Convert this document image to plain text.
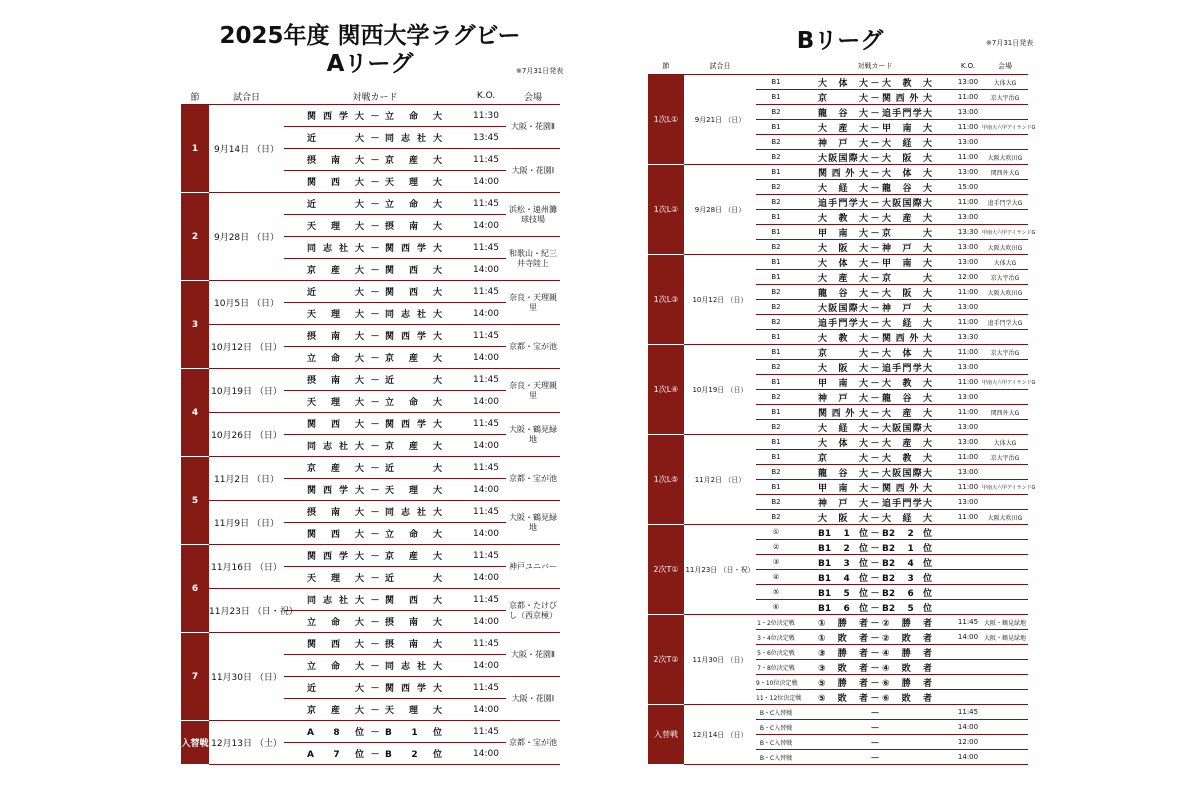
2025年度 関西大学ラグビー
Aリーグ	※7月31日発表
Bリーグ	※7月31日発表
節	試合日	対戦カード	K.O.	会場
1	9月14日 （日）	関西学大 － 立命大	11:30	大阪・花園Ⅱ
		近大 － 同志社大	13:45	
		摂南大 － 京産大	11:45	大阪・花園Ⅰ
		関西大 － 天理大	14:00	
2	9月28日 （日）	近大 － 立命大	11:45	浜松・遠州灘球技場
		天理大 － 摂南大	14:00	
		同志社大 － 関西学大	11:45	和歌山・紀三井寺陸上
		京産大 － 関西大	14:00	
3	10月5日 （日）	近大 － 関西大	11:45	奈良・天理親里
		天理大 － 同志社大	14:00	
	10月12日 （日）	摂南大 － 関西学大	11:45	京都・宝が池
		立命大 － 京産大	14:00	
4	10月19日 （日）	摂南大 － 近大	11:45	奈良・天理親里
		天理大 － 立命大	14:00	
	10月26日 （日）	関西大 － 関西学大	11:45	大阪・鶴見緑地
		同志社大 － 京産大	14:00	
5	11月2日 （日）	京産大 － 近大	11:45	京都・宝が池
		関西学大 － 天理大	14:00	
	11月9日 （日）	摂南大 － 同志社大	11:45	大阪・鶴見緑地
		関西大 － 立命大	14:00	
6	11月16日 （日）	関西学大 － 京産大	11:45	神戸ユニバー
		天理大 － 近大	14:00	
	11月23日 （日・祝）	同志社大 － 関西大	11:45	京都・たけびし（西京極）
		立命大 － 摂南大	14:00	
7	11月30日 （日）	関西大 － 摂南大	11:45	大阪・花園Ⅱ
		立命大 － 同志社大	14:00	
		近大 － 関西学大	11:45	大阪・花園Ⅰ
		京産大 － 天理大	14:00	
入替戦	12月13日 （土）	A 8位 － B 1位	11:45	京都・宝が池
		A 7位 － B 2位	14:00	
節	試合日		対戦カード	K.O.	会場
1次L①	9月21日 （日）	B1	大体大 － 大教大	13:00	大体大G
		B1	京大 － 関西外大	11:00	京大宇治G
		B2	龍谷大 － 追手門学大	13:00	
		B1	大産大 － 甲南大	11:00	甲南大六甲アイランドG
		B2	神戸大 － 大経大	13:00	
		B2	大阪国際大 － 大阪大	11:00	大阪大吹田G
1次L②	9月28日 （日）	B1	関西外大 － 大体大	13:00	関西外大G
		B2	大経大 － 龍谷大	15:00	
		B2	追手門学大 － 大阪国際大	11:00	追手門学大G
		B1	大教大 － 大産大	13:00	
		B1	甲南大 － 京大	13:30	甲南大六甲アイランドG
		B2	大阪大 － 神戸大	13:00	大阪大吹田G
1次L③	10月12日 （日）	B1	大体大 － 甲南大	13:00	大体大G
		B1	大産大 － 京大	12:00	京大宇治G
		B2	龍谷大 － 大阪大	11:00	大阪大吹田G
		B2	大阪国際大 － 神戸大	13:00	
		B2	追手門学大 － 大経大	11:00	追手門学大G
		B1	大教大 － 関西外大	13:30	
1次L④	10月19日 （日）	B1	京大 － 大体大	11:00	京大宇治G
		B2	大阪大 － 追手門学大	13:00	
		B1	甲南大 － 大教大	11:00	甲南大六甲アイランドG
		B2	神戸大 － 龍谷大	13:00	
		B1	関西外大 － 大産大	11:00	関西外大G
		B2	大経大 － 大阪国際大	13:00	
1次L⑤	11月2日 （日）	B1	大体大 － 大産大	13:00	大体大G
		B1	京大 － 大教大	11:00	京大宇治G
		B2	龍谷大 － 大阪国際大	13:00	
		B1	甲南大 － 関西外大	11:00	甲南大六甲アイランドG
		B2	神戸大 － 追手門学大	13:00	
		B2	大阪大 － 大経大	11:00	大阪大吹田G
2次T①	11月23日 （日・祝）	①	B1 1位 － B2 2位		
		②	B1 2位 － B2 1位		
		③	B1 3位 － B2 4位		
		④	B1 4位 － B2 3位		
		⑤	B1 5位 － B2 6位		
		⑥	B1 6位 － B2 5位		
2次T②	11月30日 （日）	1・2位決定戦	①勝者 － ②勝者	11:45	大阪・鶴見緑地
		3・4位決定戦	①敗者 － ②敗者	14:00	大阪・鶴見緑地
		5・6位決定戦	③勝者 － ④勝者		
		7・8位決定戦	③敗者 － ④敗者		
		9・10位決定戦	⑤勝者 － ⑥勝者		
		11・12位決定戦	⑤敗者 － ⑥敗者		
入替戦	12月14日 （日）	B・C入替戦	－	11:45	
		B・C入替戦	－	14:00	
		B・C入替戦	－	12:00	
		B・C入替戦	－	14:00	
